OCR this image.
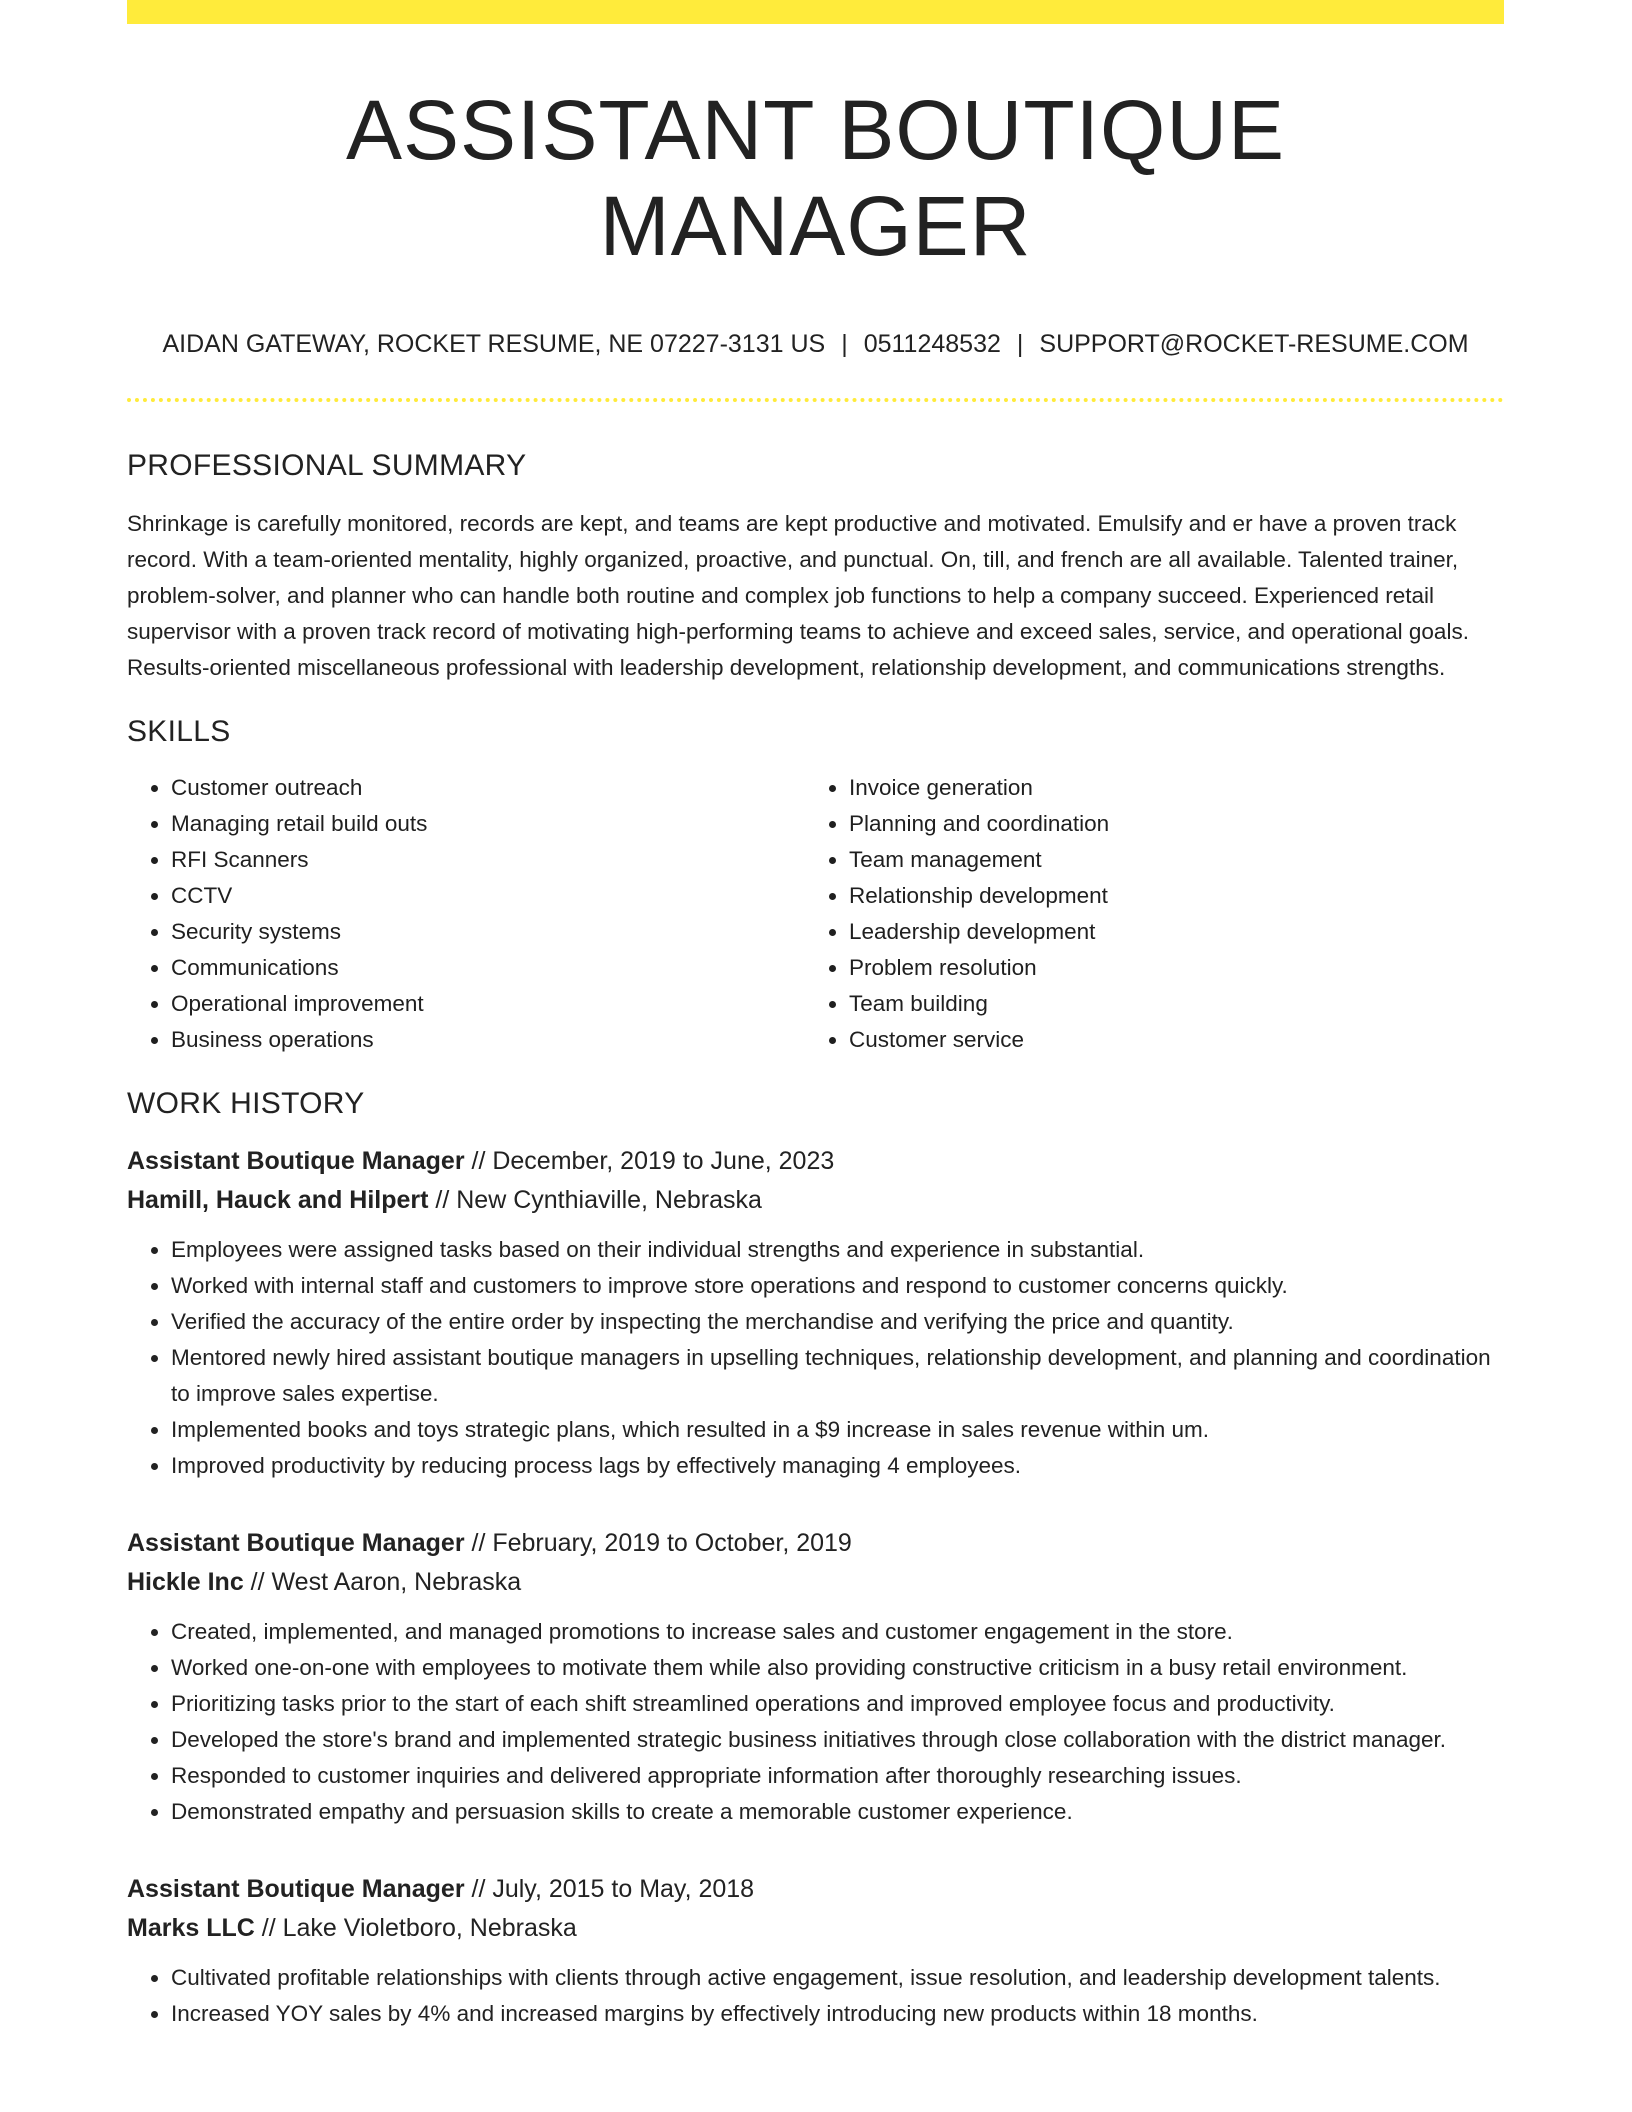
ASSISTANT BOUTIQUE MANAGER
AIDAN GATEWAY, ROCKET RESUME, NE 07227-3131 US | 0511248532 | SUPPORT@ROCKET-RESUME.COM
PROFESSIONAL SUMMARY
Shrinkage is carefully monitored, records are kept, and teams are kept productive and motivated. Emulsify and er have a proven track record. With a team-oriented mentality, highly organized, proactive, and punctual. On, till, and french are all available. Talented trainer, problem-solver, and planner who can handle both routine and complex job functions to help a company succeed. Experienced retail supervisor with a proven track record of motivating high-performing teams to achieve and exceed sales, service, and operational goals. Results-oriented miscellaneous professional with leadership development, relationship development, and communications strengths.
SKILLS
• Customer outreach
• Managing retail build outs
• RFI Scanners
• CCTV
• Security systems
• Communications
• Operational improvement
• Business operations
• Invoice generation
• Planning and coordination
• Team management
• Relationship development
• Leadership development
• Problem resolution
• Team building
• Customer service
WORK HISTORY
Assistant Boutique Manager // December, 2019 to June, 2023
Hamill, Hauck and Hilpert // New Cynthiaville, Nebraska
• Employees were assigned tasks based on their individual strengths and experience in substantial.
• Worked with internal staff and customers to improve store operations and respond to customer concerns quickly.
• Verified the accuracy of the entire order by inspecting the merchandise and verifying the price and quantity.
• Mentored newly hired assistant boutique managers in upselling techniques, relationship development, and planning and coordination to improve sales expertise.
• Implemented books and toys strategic plans, which resulted in a $9 increase in sales revenue within um.
• Improved productivity by reducing process lags by effectively managing 4 employees.
Assistant Boutique Manager // February, 2019 to October, 2019
Hickle Inc // West Aaron, Nebraska
• Created, implemented, and managed promotions to increase sales and customer engagement in the store.
• Worked one-on-one with employees to motivate them while also providing constructive criticism in a busy retail environment.
• Prioritizing tasks prior to the start of each shift streamlined operations and improved employee focus and productivity.
• Developed the store's brand and implemented strategic business initiatives through close collaboration with the district manager.
• Responded to customer inquiries and delivered appropriate information after thoroughly researching issues.
• Demonstrated empathy and persuasion skills to create a memorable customer experience.
Assistant Boutique Manager // July, 2015 to May, 2018
Marks LLC // Lake Violetboro, Nebraska
• Cultivated profitable relationships with clients through active engagement, issue resolution, and leadership development talents.
• Increased YOY sales by 4% and increased margins by effectively introducing new products within 18 months.
